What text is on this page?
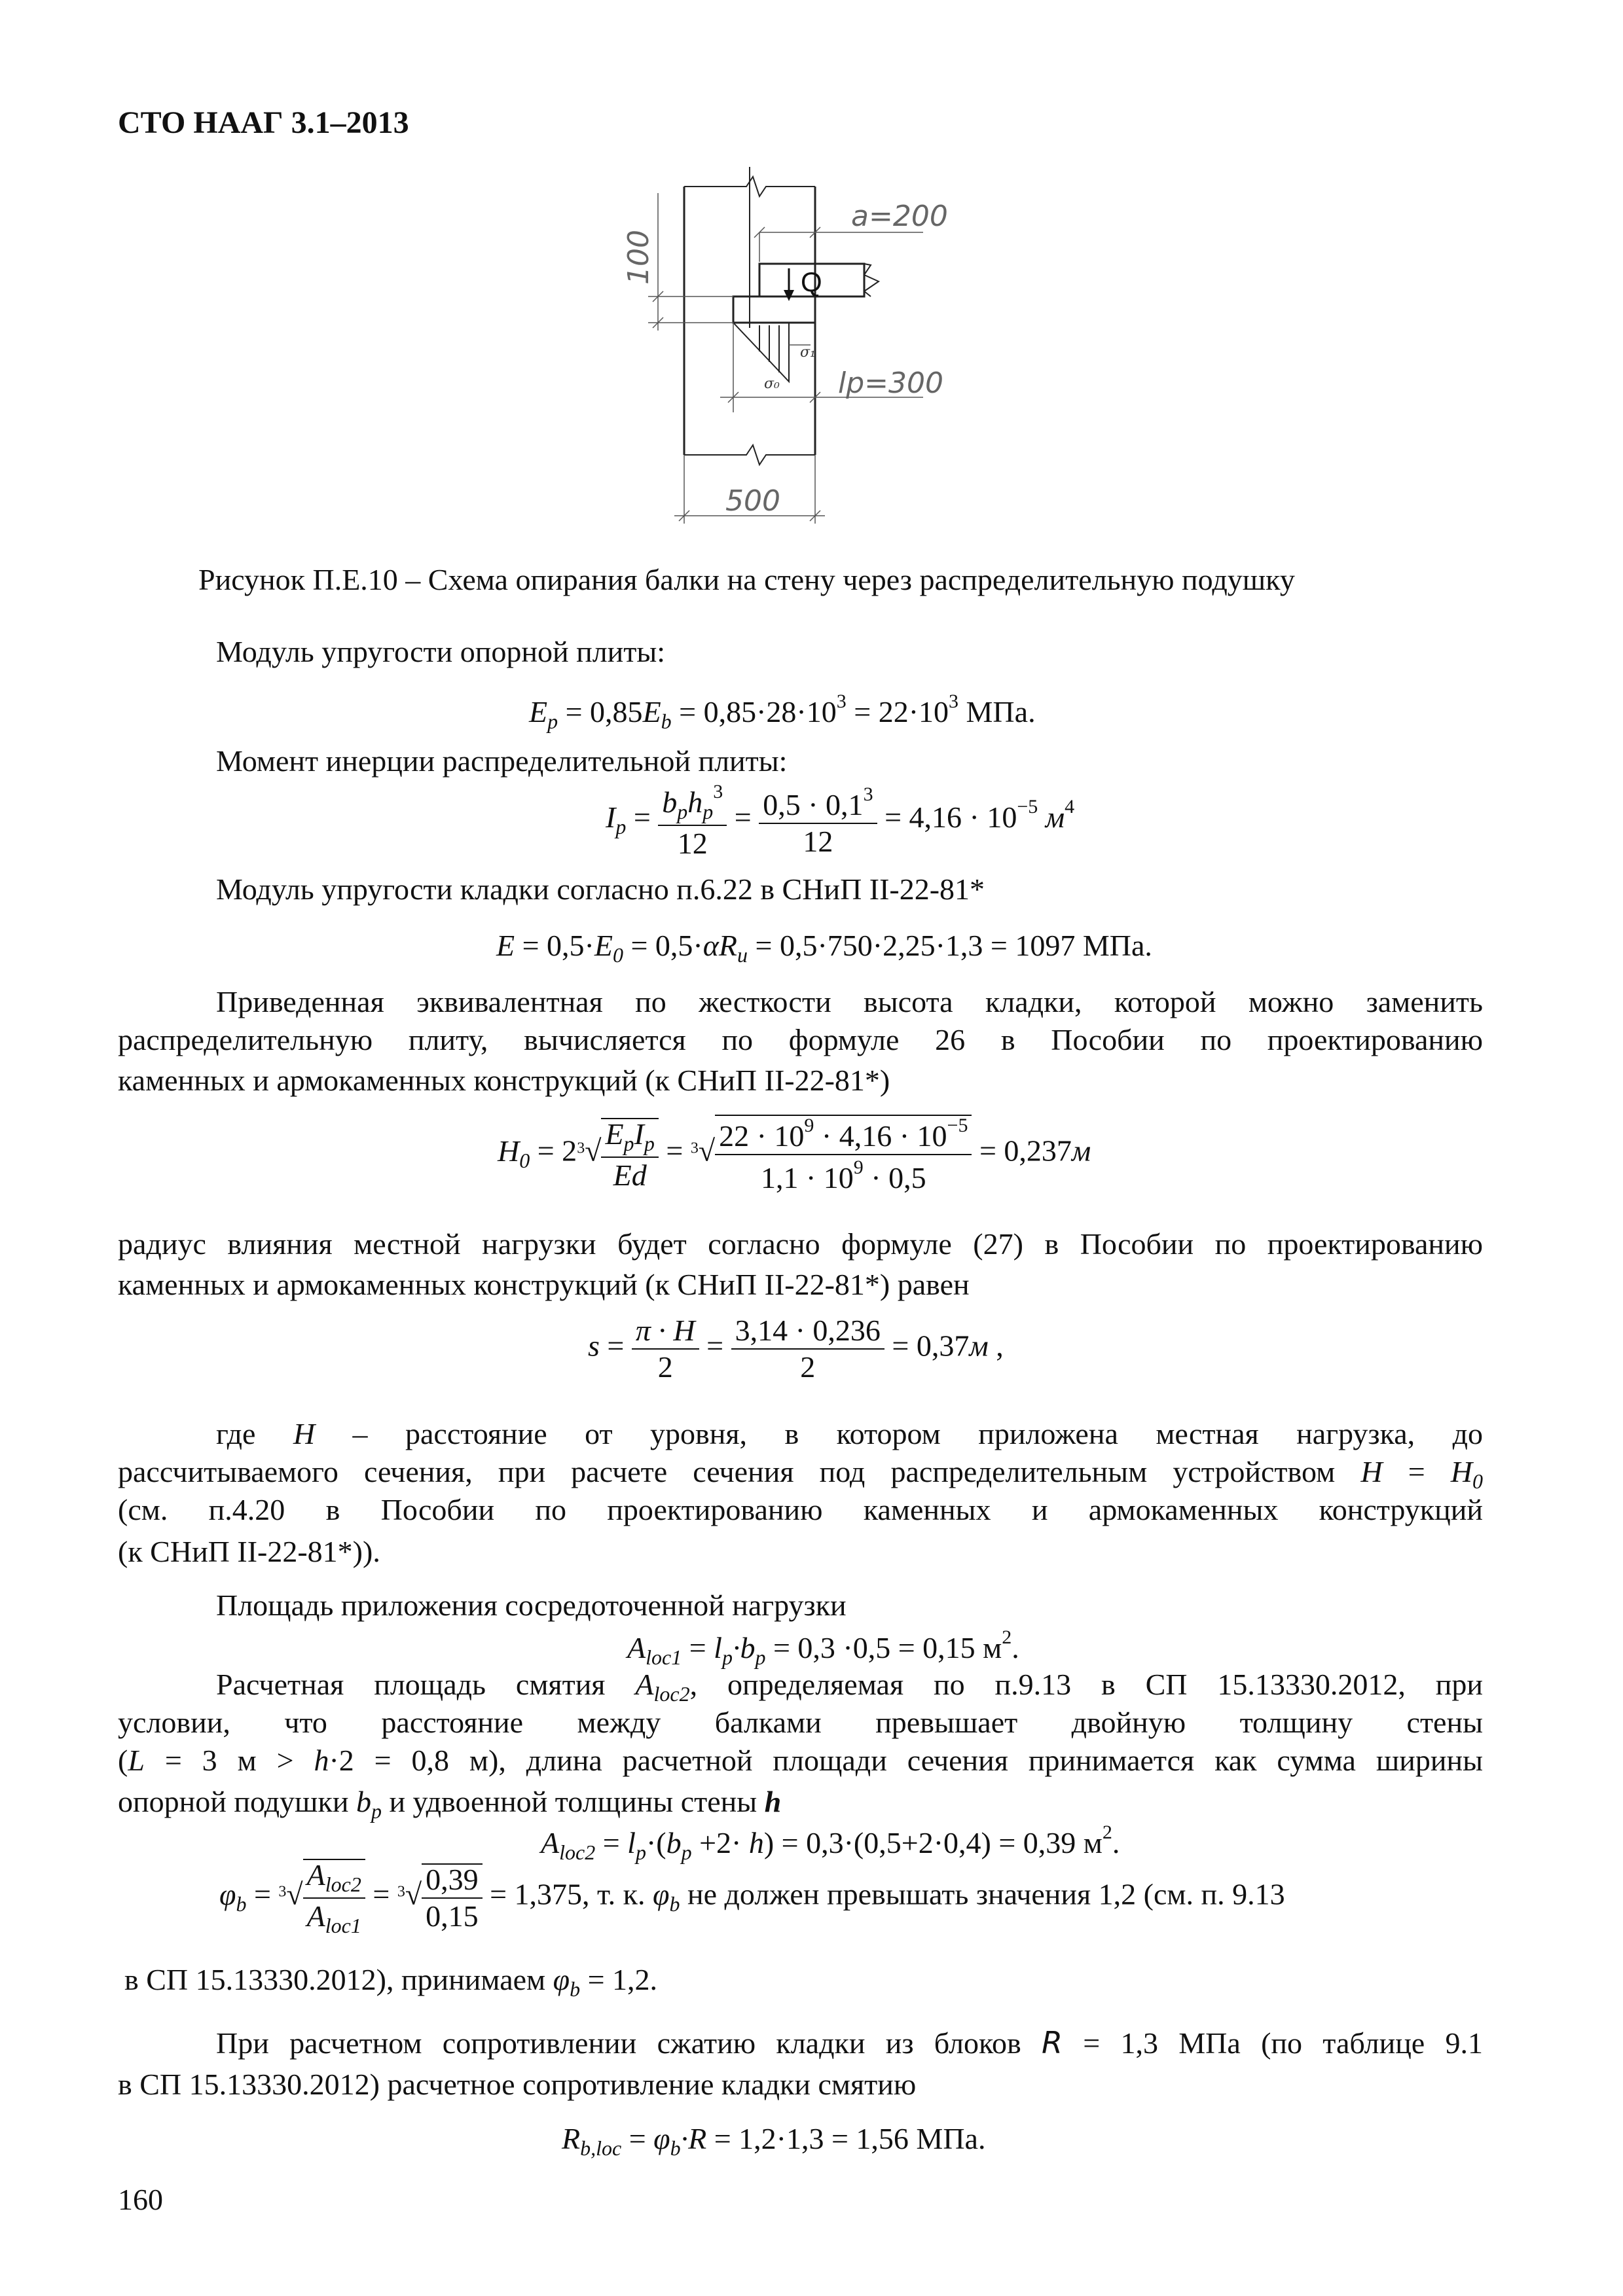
СТО НААГ 3.1–2013
a=200
Q
100
σ₁
σ₀ lp=300
500
Рисунок П.Е.10 – Схема опирания балки на стену через распределительную подушку
Модуль упругости опорной плиты:
$E_p = 0,85E_b = 0,85\cdot 28\cdot 10^3 = 22\cdot 10^3$ МПа.
Момент инерции распределительной плиты:
$I_p = b_ph_p^3$
12
= $\frac{0,5 \cdot 0,1^3}{12} = 4,16 \cdot 10^{-5}$ $м^4$
Модуль упругости кладки согласно п.6.22 в СНиП II-22-81*
$E = 0,5\cdot E_0 = 0,5\cdot\alpha R_u = 0,5\cdot 750\cdot 2,25\cdot 1,3 = 1097$ МПа.
Приведенная эквивалентная по жесткости высота кладки, которой можно заменить
распределительную плиту, вычисляется по формуле 26 в Пособии по проектированию
каменных и армокаменных конструкций (к СНиП II-22-81*)
$H_0 = 2^3√$
$E_pI_p$
Ed
= $^3√ \frac{22 \cdot 10^9 \cdot 4,16 \cdot 10^{-5}}{1,1 \cdot 10^9 \cdot 0,5} = 0,237м$
радиус влияния местной нагрузки будет согласно формуле (27) в Пособии по проектированию
каменных и армокаменных конструкций (к СНиП II-22-81*) равен
$s = \frac{\pi \cdot H}{2} = \frac{3,14 \cdot 0,236}{2} = 0,37м$ ,
где H – расстояние от уровня, в котором приложена местная нагрузка, до
рассчитываемого сечения, при расчете сечения под распределительным устройством $H = H_0$
(см. п.4.20 в Пособии по проектированию каменных и армокаменных конструкций
(к СНиП II-22-81*)).
Площадь приложения сосредоточенной нагрузки
$A_{loc1} = l_p\cdot b_p = 0,3 \cdot 0,5 = 0,15$ $м^2$.
Расчетная площадь смятия $A_{loc2}$, определяемая по п.9.13 в СП 15.13330.2012, при
условии, что расстояние между балками превышает двойную толщину стены
(L = 3 м > h·2 = 0,8 м), длина расчетной площади сечения принимается как сумма ширины
опорной подушки $b_p$ и удвоенной толщины стены h
$A_{loc2} = l_p\cdot(b_p +2\cdot h) = 0,3\cdot(0,5+2\cdot 0,4) = 0,39$ $м^2$.
$\varphi_b = ^3√$
$A_{loc2}$
$A_{loc1}$
= $^3√ \frac{0,39}{0,15} = 1,375$, т. к. $\varphi_b$ не должен превышать значения 1,2 (см. п. 9.13
в СП 15.13330.2012), принимаем $\varphi_b = 1,2$.
При расчетном сопротивлении сжатию кладки из блоков R = 1,3 МПа (по таблице 9.1
в СП 15.13330.2012) расчетное сопротивление кладки смятию
$R_{b,loc} = \varphi_b\cdot R = 1,2\cdot 1,3 = 1,56$ МПа.
160
